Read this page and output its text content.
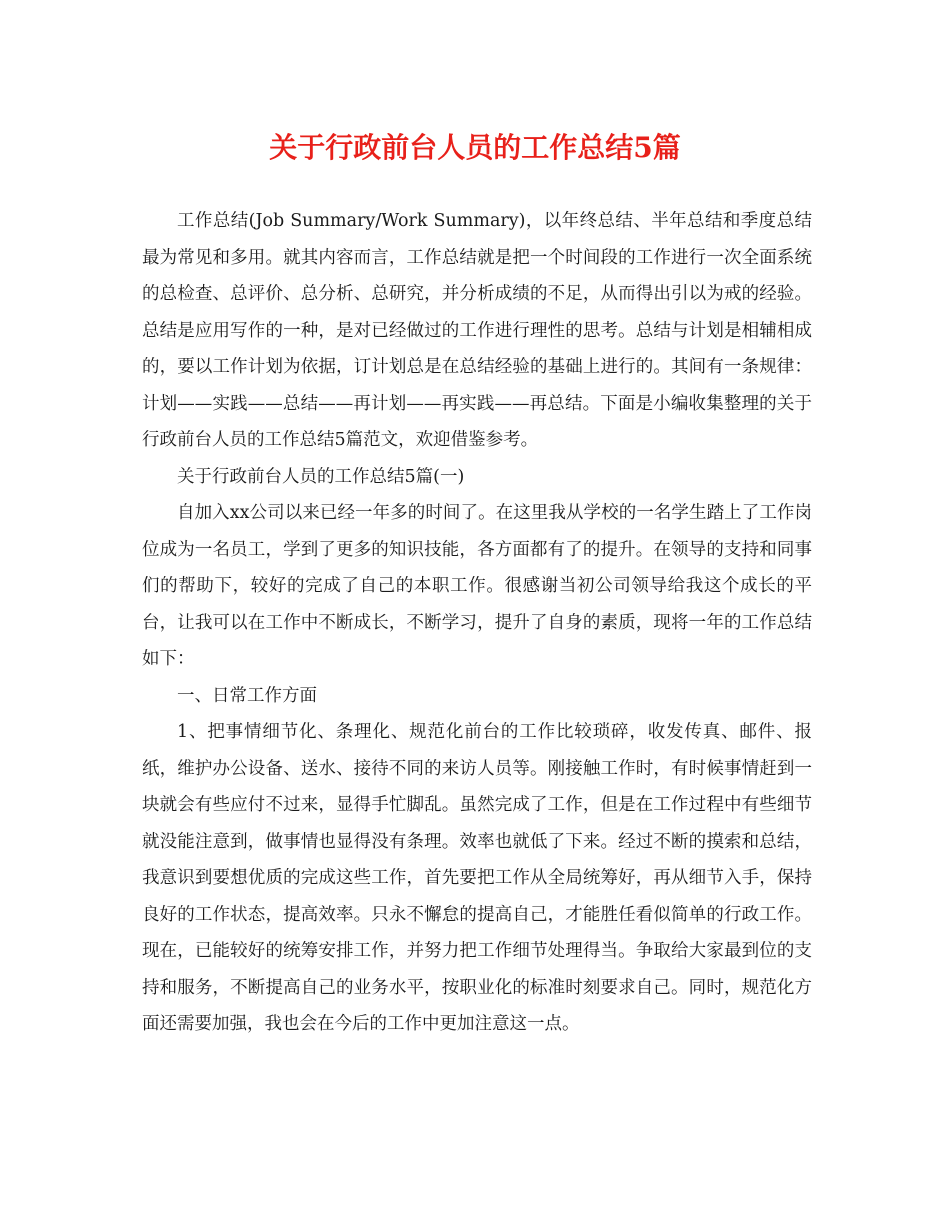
关于行政前台人员的工作总结5篇

工作总结(Job Summary/Work Summary)，以年终总结、半年总结和季度总结最为常见和多用。就其内容而言，工作总结就是把一个时间段的工作进行一次全面系统的总检查、总评价、总分析、总研究，并分析成绩的不足，从而得出引以为戒的经验。总结是应用写作的一种，是对已经做过的工作进行理性的思考。总结与计划是相辅相成的，要以工作计划为依据，订计划总是在总结经验的基础上进行的。其间有一条规律：计划——实践——总结——再计划——再实践——再总结。下面是小编收集整理的关于行政前台人员的工作总结5篇范文，欢迎借鉴参考。

关于行政前台人员的工作总结5篇(一)

自加入xx公司以来已经一年多的时间了。在这里我从学校的一名学生踏上了工作岗位成为一名员工，学到了更多的知识技能，各方面都有了的提升。在领导的支持和同事们的帮助下，较好的完成了自己的本职工作。很感谢当初公司领导给我这个成长的平台，让我可以在工作中不断成长，不断学习，提升了自身的素质，现将一年的工作总结如下：

一、日常工作方面

1、把事情细节化、条理化、规范化前台的工作比较琐碎，收发传真、邮件、报纸，维护办公设备、送水、接待不同的来访人员等。刚接触工作时，有时候事情赶到一块就会有些应付不过来，显得手忙脚乱。虽然完成了工作，但是在工作过程中有些细节就没能注意到，做事情也显得没有条理。效率也就低了下来。经过不断的摸索和总结，我意识到要想优质的完成这些工作，首先要把工作从全局统筹好，再从细节入手，保持良好的工作状态，提高效率。只永不懈怠的提高自己，才能胜任看似简单的行政工作。现在，已能较好的统筹安排工作，并努力把工作细节处理得当。争取给大家最到位的支持和服务，不断提高自己的业务水平，按职业化的标准时刻要求自己。同时，规范化方面还需要加强，我也会在今后的工作中更加注意这一点。
